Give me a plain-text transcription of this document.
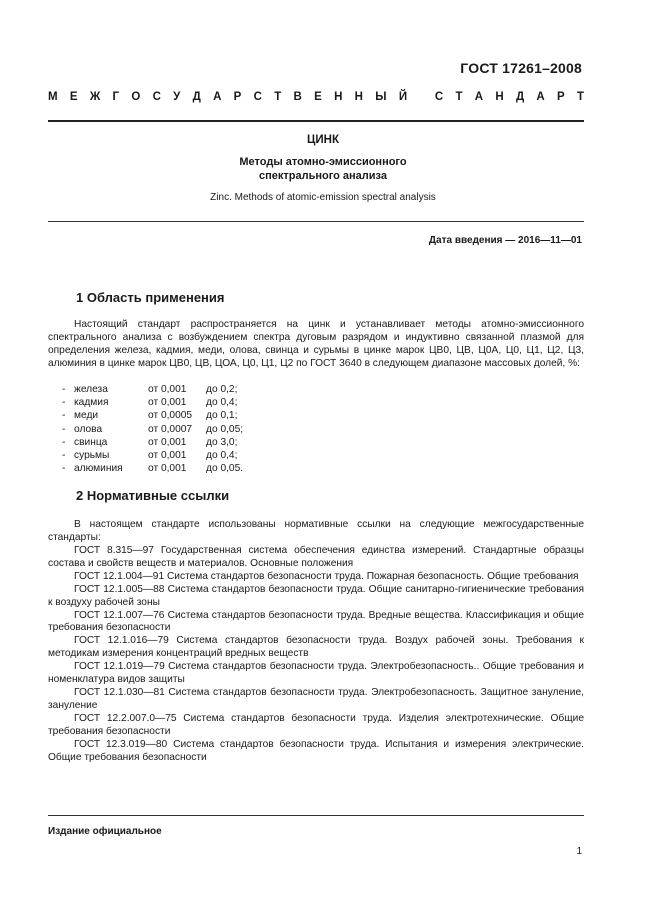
ГОСТ 17261–2008
М Е Ж Г О С У Д А Р С Т В Е Н Н Ы Й
С Т А Н Д А Р Т
ЦИНК
Методы атомно-эмиссионного
спектрального анализа
Zinc. Methods of atomic-emission spectral analysis
Дата введения — 2016—11—01
1 Область применения
Настоящий стандарт распространяется на цинк и устанавливает методы атомно-эмиссионного спектрального анализа с возбуждением спектра дуговым разрядом и индуктивно связанной плазмой для определения железа, кадмия, меди, олова, свинца и сурьмы в цинке марок ЦВ0, ЦВ, Ц0А, Ц0, Ц1, Ц2, Ц3, алюминия в цинке марок ЦВ0, ЦВ, ЦОА, Ц0, Ц1, Ц2 по ГОСТ 3640 в следующем диапазоне массовых долей, %:
- железа	от 0,001	до 0,2;
- кадмия	от 0,001	до 0,4;
- меди	от 0,0005	до 0,1;
- олова	от 0,0007	до 0,05;
- свинца	от 0,001	до 3,0;
- сурьмы	от 0,001	до 0,4;
- алюминия	от 0,001	до 0,05.
2 Нормативные ссылки
В настоящем стандарте использованы нормативные ссылки на следующие межгосударственные стандарты:

ГОСТ 8.315—97 Государственная система обеспечения единства измерений. Стандартные образцы состава и свойств веществ и материалов. Основные положения

ГОСТ 12.1.004—91 Система стандартов безопасности труда. Пожарная безопасность. Общие требования

ГОСТ 12.1.005—88 Система стандартов безопасности труда. Общие санитарно-гигиенические требования к воздуху рабочей зоны

ГОСТ 12.1.007—76 Система стандартов безопасности труда. Вредные вещества. Классификация и общие требования безопасности

ГОСТ 12.1.016—79 Система стандартов безопасности труда. Воздух рабочей зоны. Требования к методикам измерения концентраций вредных веществ

ГОСТ 12.1.019—79 Система стандартов безопасности труда. Электробезопасность.. Общие требования и номенклатура видов защиты

ГОСТ 12.1.030—81 Система стандартов безопасности труда. Электробезопасность. Защитное зануление, зануление

ГОСТ 12.2.007.0—75 Система стандартов безопасности труда. Изделия электротехнические. Общие требования безопасности

ГОСТ 12.3.019—80 Система стандартов безопасности труда. Испытания и измерения электрические. Общие требования безопасности

Издание официальное
1
